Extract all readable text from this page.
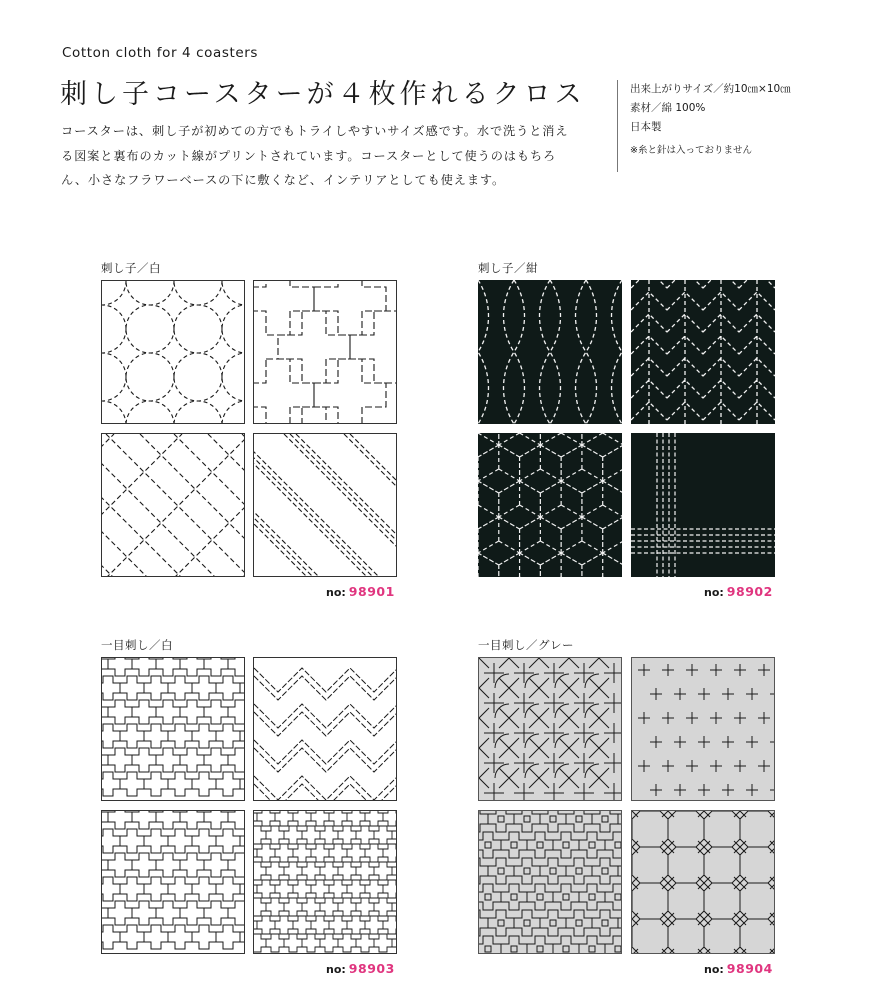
Cotton cloth for 4 coasters
刺し子コースターが４枚作れるクロス
コースターは、刺し子が初めての方でもトライしやすいサイズ感です。水で洗うと消える図案と裏布のカット線がプリントされています。コースターとして使うのはもちろん、小さなフラワーベースの下に敷くなど、インテリアとしても使えます。
出来上がりサイズ／約10㎝×10㎝
素材／綿 100%
日本製
※糸と針は入っておりません
刺し子／白
no: 98901
刺し子／紺
no: 98902
一目刺し／白
no: 98903
一目刺し／グレー
no: 98904
